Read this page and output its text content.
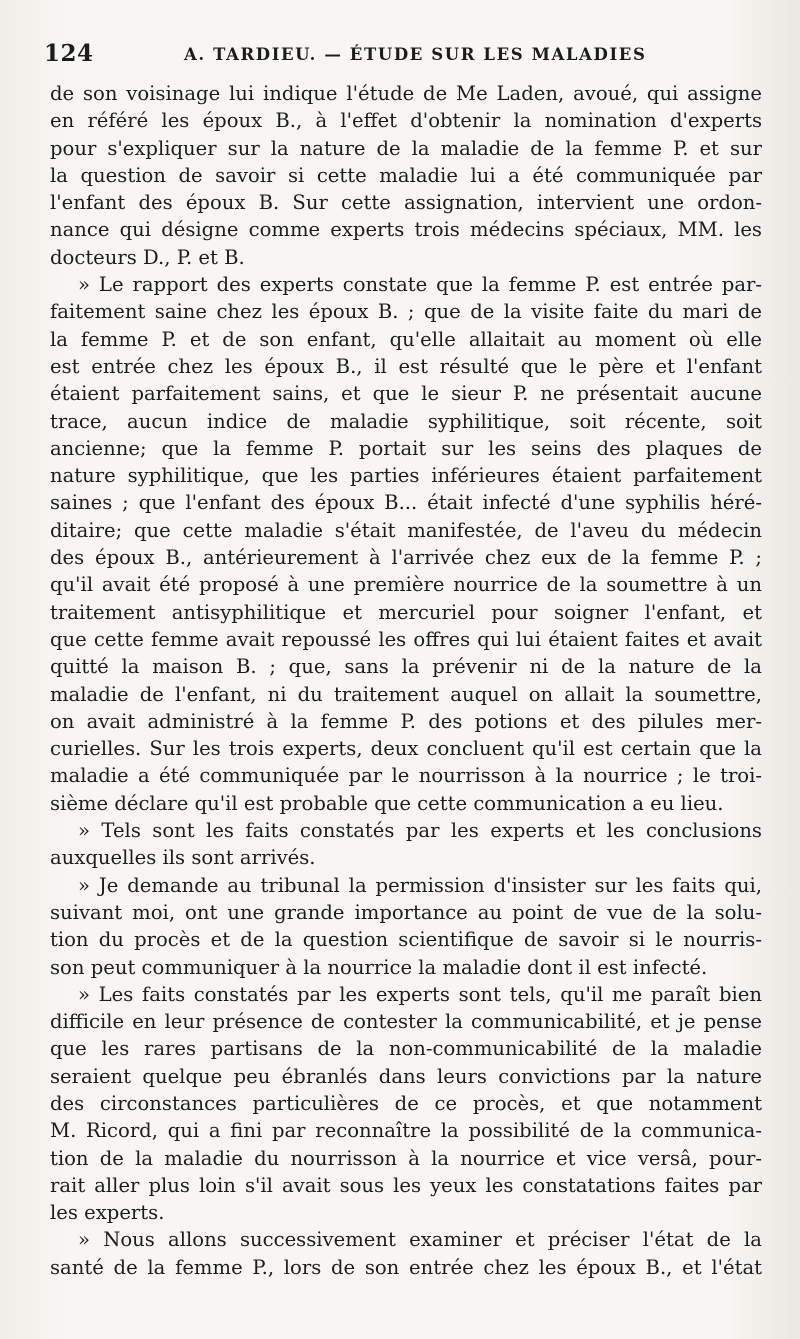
124	A. TARDIEU. — ÉTUDE SUR LES MALADIES
de son voisinage lui indique l'étude de Me Laden, avoué, qui assigne
en référé les époux B., à l'effet d'obtenir la nomination d'experts
pour s'expliquer sur la nature de la maladie de la femme P. et sur
la question de savoir si cette maladie lui a été communiquée par
l'enfant des époux B. Sur cette assignation, intervient une ordon-
nance qui désigne comme experts trois médecins spéciaux, MM. les
docteurs D., P. et B.
» Le rapport des experts constate que la femme P. est entrée par-
faitement saine chez les époux B. ; que de la visite faite du mari de
la femme P. et de son enfant, qu'elle allaitait au moment où elle
est entrée chez les époux B., il est résulté que le père et l'enfant
étaient parfaitement sains, et que le sieur P. ne présentait aucune
trace, aucun indice de maladie syphilitique, soit récente, soit
ancienne; que la femme P. portait sur les seins des plaques de
nature syphilitique, que les parties inférieures étaient parfaitement
saines ; que l'enfant des époux B... était infecté d'une syphilis héré-
ditaire; que cette maladie s'était manifestée, de l'aveu du médecin
des époux B., antérieurement à l'arrivée chez eux de la femme P. ;
qu'il avait été proposé à une première nourrice de la soumettre à un
traitement antisyphilitique et mercuriel pour soigner l'enfant, et
que cette femme avait repoussé les offres qui lui étaient faites et avait
quitté la maison B. ; que, sans la prévenir ni de la nature de la
maladie de l'enfant, ni du traitement auquel on allait la soumettre,
on avait administré à la femme P. des potions et des pilules mer-
curielles. Sur les trois experts, deux concluent qu'il est certain que la
maladie a été communiquée par le nourrisson à la nourrice ; le troi-
sième déclare qu'il est probable que cette communication a eu lieu.
» Tels sont les faits constatés par les experts et les conclusions
auxquelles ils sont arrivés.
» Je demande au tribunal la permission d'insister sur les faits qui,
suivant moi, ont une grande importance au point de vue de la solu-
tion du procès et de la question scientifique de savoir si le nourris-
son peut communiquer à la nourrice la maladie dont il est infecté.
» Les faits constatés par les experts sont tels, qu'il me paraît bien
difficile en leur présence de contester la communicabilité, et je pense
que les rares partisans de la non-communicabilité de la maladie
seraient quelque peu ébranlés dans leurs convictions par la nature
des circonstances particulières de ce procès, et que notamment
M. Ricord, qui a fini par reconnaître la possibilité de la communica-
tion de la maladie du nourrisson à la nourrice et vice versâ, pour-
rait aller plus loin s'il avait sous les yeux les constatations faites par
les experts.
» Nous allons successivement examiner et préciser l'état de la
santé de la femme P., lors de son entrée chez les époux B., et l'état
